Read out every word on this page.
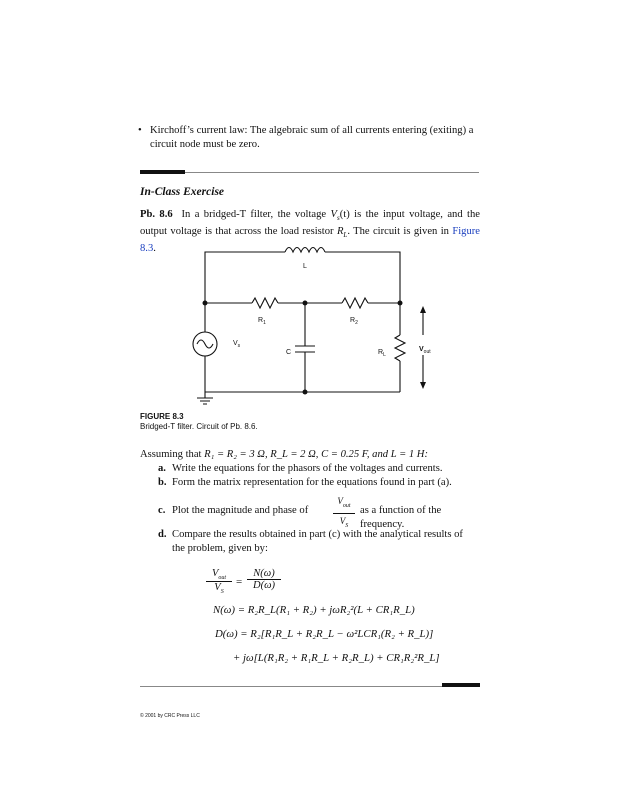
• Kirchoff’s current law: The algebraic sum of all currents entering (exiting) a circuit node must be zero.
In-Class Exercise
Pb. 8.6 In a bridged-T filter, the voltage $V_s(t)$ is the input voltage, and the output voltage is that across the load resistor $R_L$. The circuit is given in Figure 8.3.
L
$R_1$	$R_2$
$V_s$
C	$R_L$
$V_{out}$
FIGURE 8.3
Bridged-T filter. Circuit of Pb. 8.6.
Assuming that R₁ = R₂ = 3 Ω, R_L = 2 Ω, C = 0.25 F, and L = 1 H:
a. Write the equations for the phasors of the voltages and currents.
b. Form the matrix representation for the equations found in part (a).
c. Plot the magnitude and phase of
$V_{out}$
$V_S$
as a function of the frequency.
d. Compare the results obtained in part (c) with the analytical results of the problem, given by:
$V_{out}$
$V_S$
= $\frac{N(\omega)}{D(\omega)}$
N(ω) = R₂R_L(R₁ + R₂) + jωR₂²(L + CR₁R_L)
D(ω) = R₂[R₁R_L + R₂R_L − ω²LCR₁(R₂ + R_L)]
+ jω[L(R₁R₂ + R₁R_L + R₂R_L) + CR₁R₂²R_L]
© 2001 by CRC Press LLC
